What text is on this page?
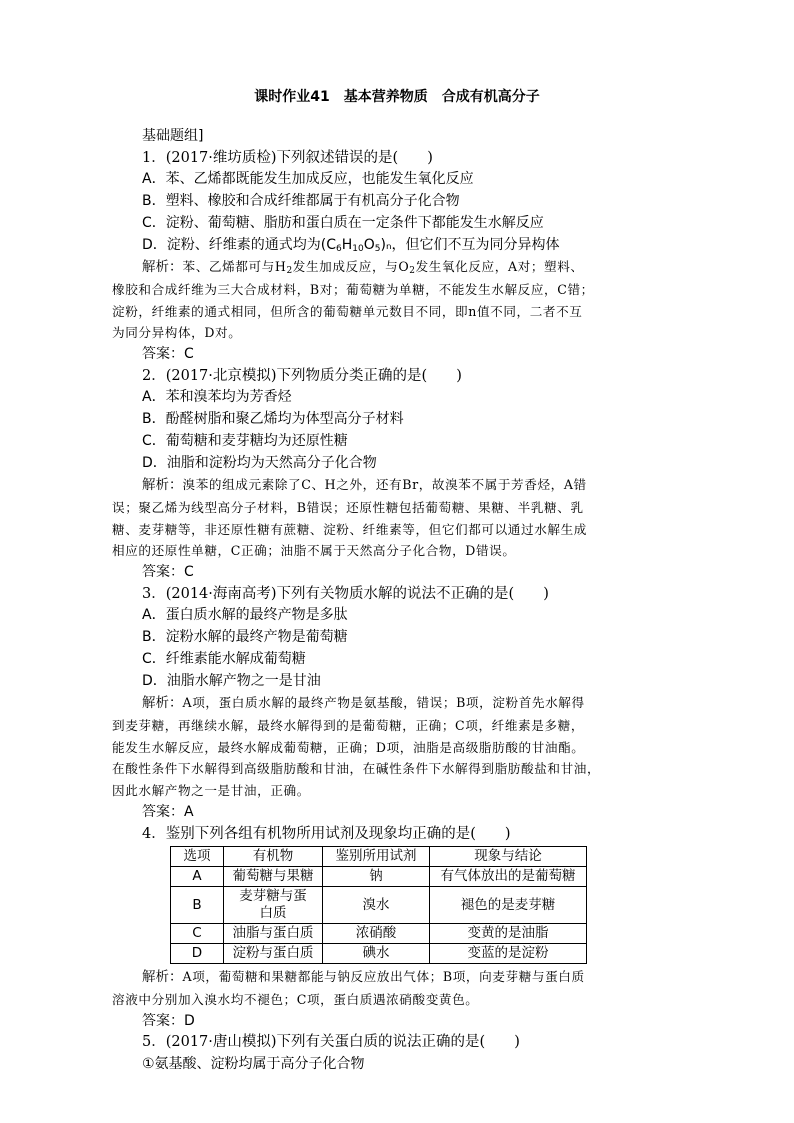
课时作业41　基本营养物质　合成有机高分子
基础题组]
1．(2017·维坊质检)下列叙述错误的是(　　)
A．苯、乙烯都既能发生加成反应，也能发生氧化反应
B．塑料、橡胶和合成纤维都属于有机高分子化合物
C．淀粉、葡萄糖、脂肪和蛋白质在一定条件下都能发生水解反应
D．淀粉、纤维素的通式均为$(C_6H_{10}O_5)_n$，但它们不互为同分异构体
解析：苯、乙烯都可与$H_2$发生加成反应，与$O_2$发生氧化反应，A对；塑料、
橡胶和合成纤维为三大合成材料，B对；葡萄糖为单糖，不能发生水解反应，C错；
淀粉，纤维素的通式相同，但所含的葡萄糖单元数目不同，即n值不同，二者不互
为同分异构体，D对。
答案：C
2．(2017·北京模拟)下列物质分类正确的是(　　)
A．苯和溴苯均为芳香烃
B．酚醛树脂和聚乙烯均为体型高分子材料
C．葡萄糖和麦芽糖均为还原性糖
D．油脂和淀粉均为天然高分子化合物
解析：溴苯的组成元素除了C、H之外，还有Br，故溴苯不属于芳香烃，A错
误；聚乙烯为线型高分子材料，B错误；还原性糖包括葡萄糖、果糖、半乳糖、乳
糖、麦芽糖等，非还原性糖有蔗糖、淀粉、纤维素等，但它们都可以通过水解生成
相应的还原性单糖，C正确；油脂不属于天然高分子化合物，D错误。
答案：C
3．(2014·海南高考)下列有关物质水解的说法不正确的是(　　)
A．蛋白质水解的最终产物是多肽
B．淀粉水解的最终产物是葡萄糖
C．纤维素能水解成葡萄糖
D．油脂水解产物之一是甘油
解析：A项，蛋白质水解的最终产物是氨基酸，错误；B项，淀粉首先水解得
到麦芽糖，再继续水解，最终水解得到的是葡萄糖，正确；C项，纤维素是多糖，
能发生水解反应，最终水解成葡萄糖，正确；D项，油脂是高级脂肪酸的甘油酯。
在酸性条件下水解得到高级脂肪酸和甘油，在碱性条件下水解得到脂肪酸盐和甘油，
因此水解产物之一是甘油，正确。
答案：A
4．鉴别下列各组有机物所用试剂及现象均正确的是(　　)
选项	有机物	鉴别所用试剂	现象与结论
A	葡萄糖与果糖	钠	有气体放出的是葡萄糖
B	麦芽糖与蛋白质	溴水	褪色的是麦芽糖
C	油脂与蛋白质	浓硝酸	变黄的是油脂
D	淀粉与蛋白质	碘水	变蓝的是淀粉
解析：A项，葡萄糖和果糖都能与钠反应放出气体；B项，向麦芽糖与蛋白质
溶液中分别加入溴水均不褪色；C项，蛋白质遇浓硝酸变黄色。
答案：D
5．(2017·唐山模拟)下列有关蛋白质的说法正确的是(　　)
①氨基酸、淀粉均属于高分子化合物
